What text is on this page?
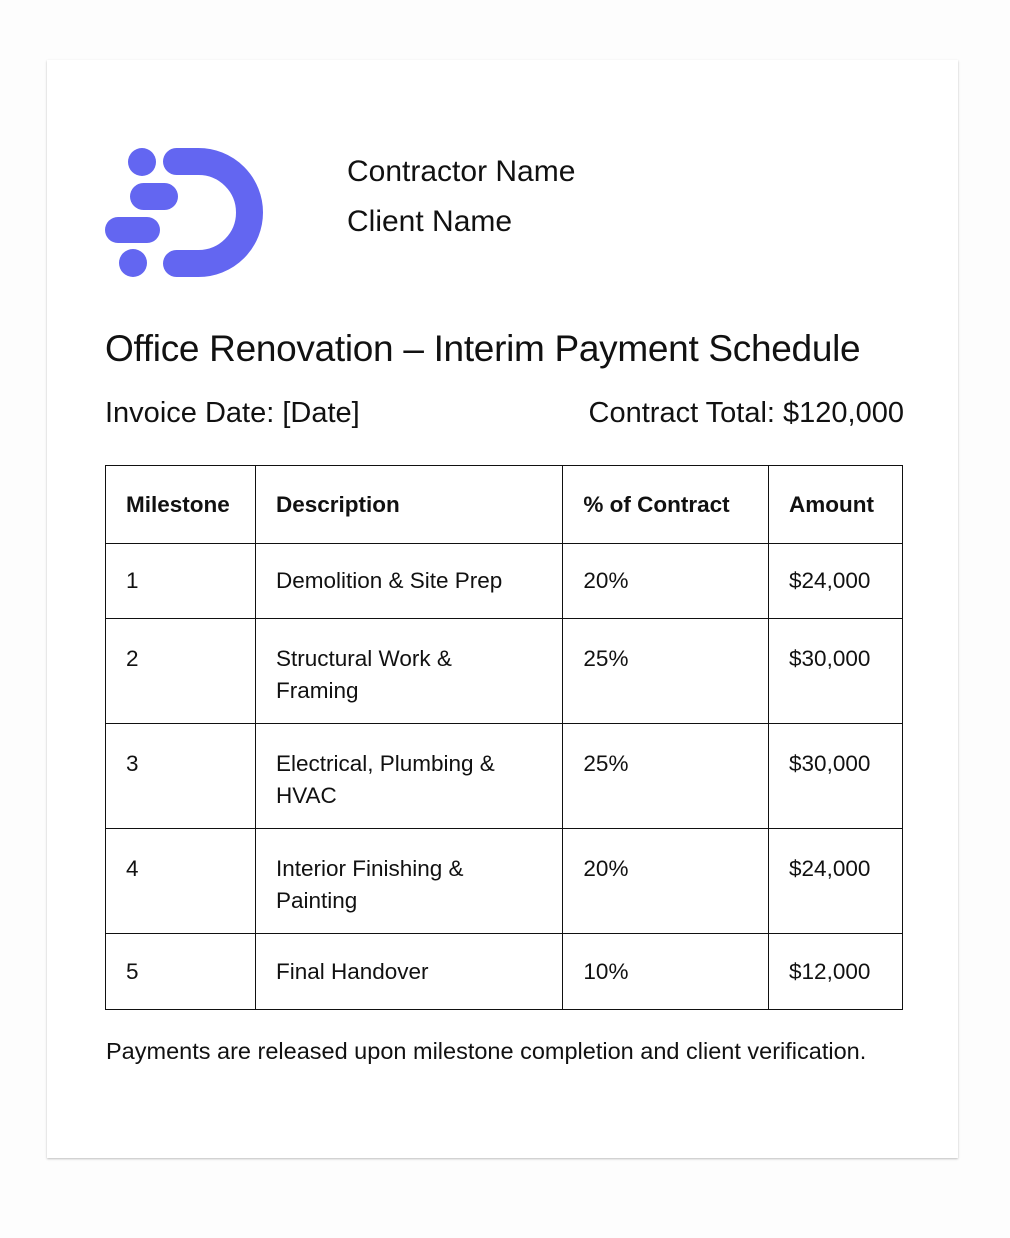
Contractor Name
Client Name
Office Renovation – Interim Payment Schedule
Invoice Date: [Date]	Contract Total: $120,000
Milestone	Description	% of Contract	Amount
1	Demolition & Site Prep	20%	$24,000
2	Structural Work & Framing	25%	$30,000
3	Electrical, Plumbing & HVAC	25%	$30,000
4	Interior Finishing & Painting	20%	$24,000
5	Final Handover	10%	$12,000
Payments are released upon milestone completion and client verification.
